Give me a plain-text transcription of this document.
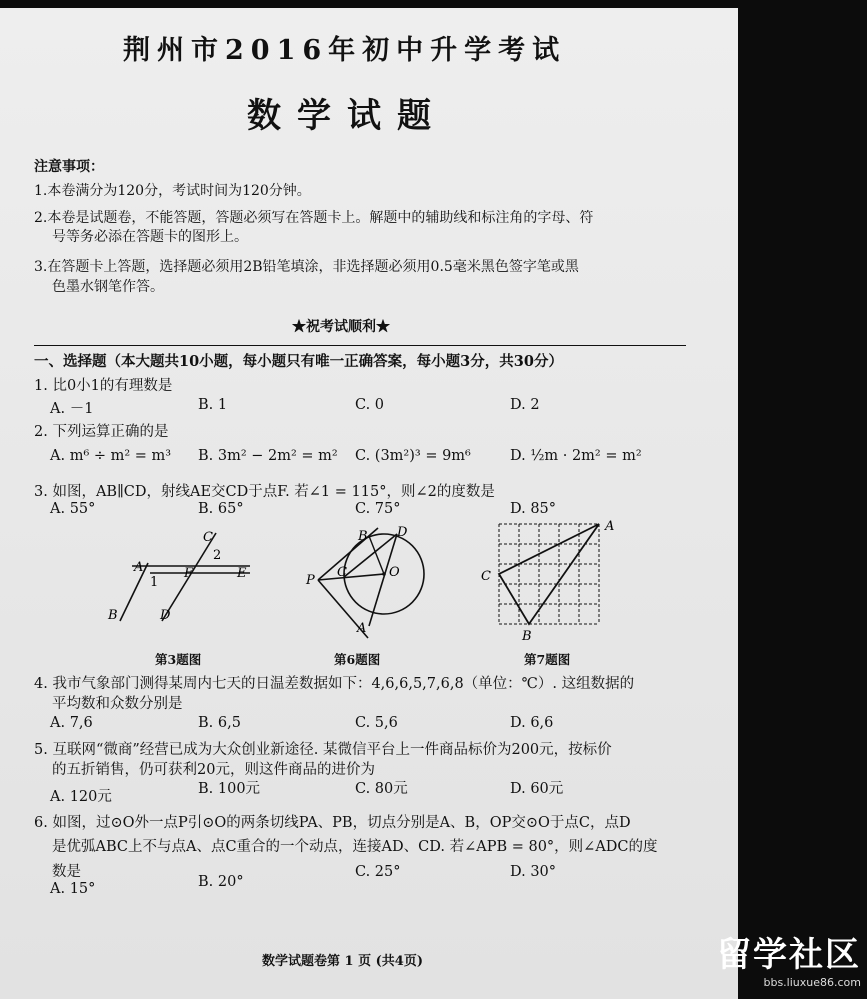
荆州市2016年初中升学考试
数学试题
注意事项：
1.本卷满分为120分，考试时间为120分钟。
2.本卷是试题卷，不能答题，答题必须写在答题卡上。解题中的辅助线和标注角的字母、符
号等务必添在答题卡的图形上。
3.在答题卡上答题，选择题必须用2B铅笔填涂，非选择题必须用0.5毫米黑色签字笔或黑
色墨水钢笔作答。
★祝考试顺利★
一、选择题（本大题共10小题，每小题只有唯一正确答案，每小题3分，共30分）
1. 比0小1的有理数是
A. －1	B. 1	C. 0	D. 2
2. 下列运算正确的是
A. m⁶ ÷ m² = m³ B. 3m² − 2m² = m² C. (3m²)³ = 9m⁶	D. ½m · 2m² = m²
3. 如图，AB∥CD，射线AE交CD于点F. 若∠1 = 115°，则∠2的度数是
A. 55°	B. 65°	C. 75°	D. 85°
C
2
A
1
F	E
B	D
第3题图
B D
P
C	O
A
第6题图
A
C
B
第7题图
4. 我市气象部门测得某周内七天的日温差数据如下：4,6,6,5,7,6,8（单位：℃）. 这组数据的
平均数和众数分别是
A. 7,6	B. 6,5	C. 5,6	D. 6,6
5. 互联网“微商”经营已成为大众创业新途径. 某微信平台上一件商品标价为200元，按标价
的五折销售，仍可获利20元，则这件商品的进价为
A. 120元	B. 100元	C. 80元	D. 60元
6. 如图，过⊙O外一点P引⊙O的两条切线PA、PB，切点分别是A、B，OP交⊙O于点C，点D
是优弧ABC上不与点A、点C重合的一个动点，连接AD、CD. 若∠APB = 80°，则∠ADC的度
数是
A. 15°	B. 20°
C. 25°	D. 30°
数学试题卷第 1 页 (共4页)	留学社区
bbs.liuxue86.com
